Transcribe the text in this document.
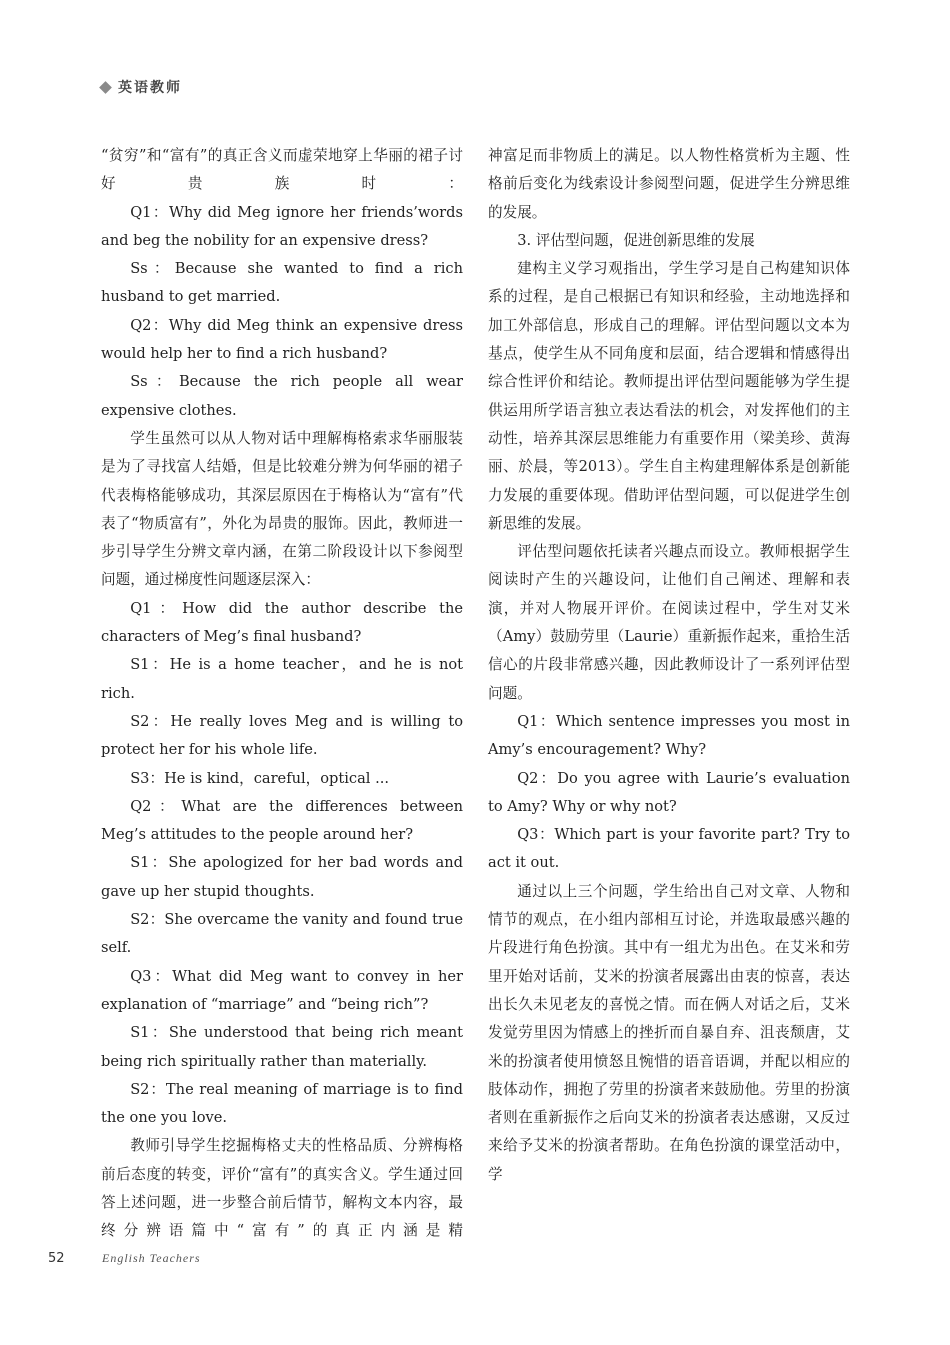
英语教师

“贫穷”和“富有”的真正含义而虚荣地穿上华丽的裙子讨好贵族时：

Q1：Why did Meg ignore her friends’words and beg the nobility for an expensive dress?

Ss：Because she wanted to find a rich husband to get married.

Q2：Why did Meg think an expensive dress would help her to find a rich husband?

Ss：Because the rich people all wear expensive clothes.

学生虽然可以从人物对话中理解梅格索求华丽服装是为了寻找富人结婚，但是比较难分辨为何华丽的裙子代表梅格能够成功，其深层原因在于梅格认为“富有”代表了“物质富有”，外化为昂贵的服饰。因此，教师进一步引导学生分辨文章内涵，在第二阶段设计以下参阅型问题，通过梯度性问题逐层深入：

Q1：How did the author describe the characters of Meg’s final husband?

S1：He is a home teacher，and he is not rich.

S2：He really loves Meg and is willing to protect her for his whole life.

S3：He is kind，careful，optical ...

Q2：What are the differences between Meg’s attitudes to the people around her?

S1：She apologized for her bad words and gave up her stupid thoughts.

S2：She overcame the vanity and found true self.

Q3：What did Meg want to convey in her explanation of “marriage” and “being rich”?

S1：She understood that being rich meant being rich spiritually rather than materially.

S2：The real meaning of marriage is to find the one you love.

教师引导学生挖掘梅格丈夫的性格品质、分辨梅格前后态度的转变，评价“富有”的真实含义。学生通过回答上述问题，进一步整合前后情节，解构文本内容，最终分辨语篇中“富有”的真正内涵是精

神富足而非物质上的满足。以人物性格赏析为主题、性格前后变化为线索设计参阅型问题，促进学生分辨思维的发展。

3. 评估型问题，促进创新思维的发展

建构主义学习观指出，学生学习是自己构建知识体系的过程，是自己根据已有知识和经验，主动地选择和加工外部信息，形成自己的理解。评估型问题以文本为基点，使学生从不同角度和层面，结合逻辑和情感得出综合性评价和结论。教师提出评估型问题能够为学生提供运用所学语言独立表达看法的机会，对发挥他们的主动性，培养其深层思维能力有重要作用（梁美珍、黄海丽、於晨，等2013）。学生自主构建理解体系是创新能力发展的重要体现。借助评估型问题，可以促进学生创新思维的发展。

评估型问题依托读者兴趣点而设立。教师根据学生阅读时产生的兴趣设问，让他们自己阐述、理解和表演，并对人物展开评价。在阅读过程中，学生对艾米（Amy）鼓励劳里（Laurie）重新振作起来，重拾生活信心的片段非常感兴趣，因此教师设计了一系列评估型问题。

Q1：Which sentence impresses you most in Amy’s encouragement? Why?

Q2：Do you agree with Laurie’s evaluation to Amy? Why or why not?

Q3：Which part is your favorite part? Try to act it out.

通过以上三个问题，学生给出自己对文章、人物和情节的观点，在小组内部相互讨论，并选取最感兴趣的片段进行角色扮演。其中有一组尤为出色。在艾米和劳里开始对话前，艾米的扮演者展露出由衷的惊喜，表达出长久未见老友的喜悦之情。而在俩人对话之后，艾米发觉劳里因为情感上的挫折而自暴自弃、沮丧颓唐，艾米的扮演者使用愤怒且惋惜的语音语调，并配以相应的肢体动作，拥抱了劳里的扮演者来鼓励他。劳里的扮演者则在重新振作之后向艾米的扮演者表达感谢，又反过来给予艾米的扮演者帮助。在角色扮演的课堂活动中，学

52	English Teachers
